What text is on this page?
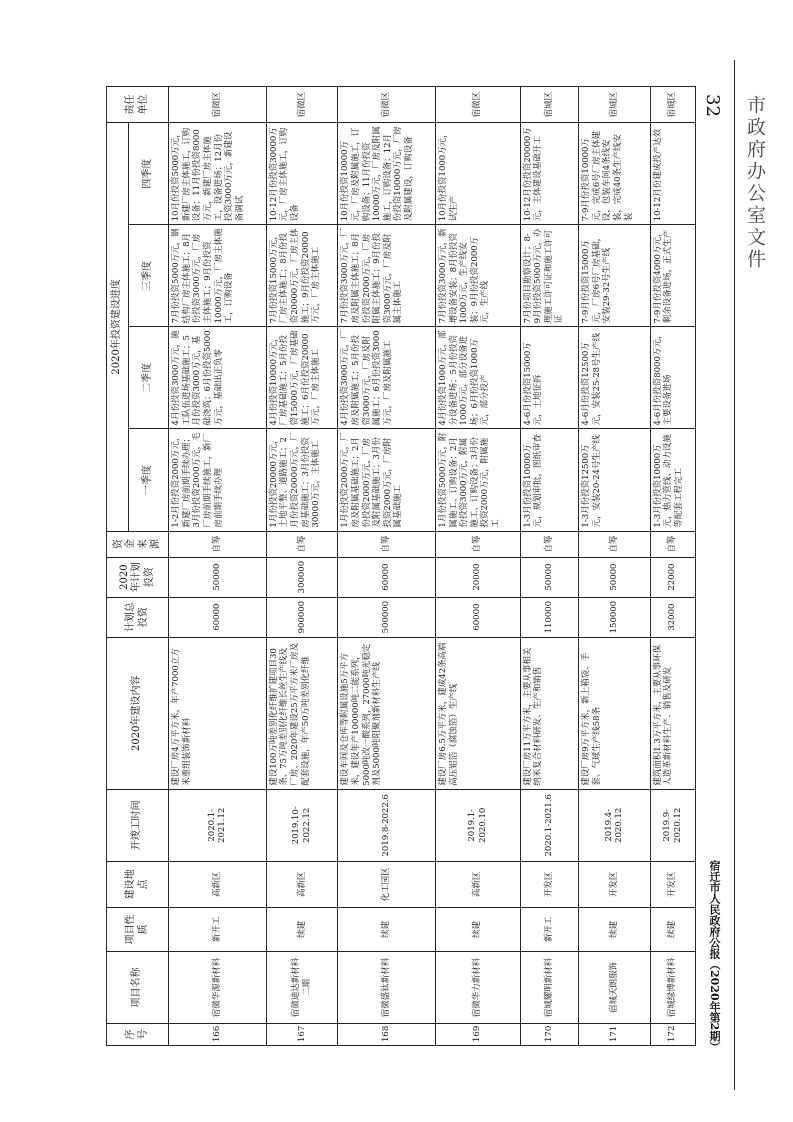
市政府办公室文件
32
宿迁市人民政府公报（2020年第2期）
序号	项目名称	项目性质	建设地点	开竣工时间	2020年建设内容	计划总投资	2020年计划投资	资金来源	2020年投资建设进度				责任单位
									一季度	二季度	三季度	四季度	
166	宿微华源新材料	新开工	高新区	2020.1-2021.12	建设厂房4万平方米，年产7000立方米重组装饰新材料	60000	50000	自筹	1-2月份投资2000万元，新建厂房前期手续办理；3月份投资2000万元，毛厂房前期手续施工，新厂房前期手续办理	4月份投资3000万元，施工队伍进场基础施工；5月份投资3000万元，基础浇筑；6月份投资5000万元，基础出正负零	7月份投资5000万元，钢结构厂房主体施工；8月份投资3000万元，厂房主体施工；9月份投资10000万元，厂房主体施工，订购设备	10月份投资5000万元，新建厂房主体施工，订购设备；11月份投资8000万元，新建厂房主体施工，设备进场；12月份投资3000万元，新建设备调试	宿微区
167	宿微迪达新材料二期	续建	高新区	2019.10-2022.12	建设100万吨差别化纤维扩建项目30条、75万吨差别化纤维长丝生产线及厂房、2020年建设25万平方米厂房及配套设施，年产50万吨差别化纤维	900000	300000	自筹	1月份投资20000万元，土地平整、道路施工；2月份投资20000万元，厂房基础施工；3月份投资30000万元，主体施工	4月份投资10000万元，厂房基础施工；5月份投资15000万元，厂房基础施工；6月份投资20000万元，厂房主体施工	7月份投资15000万元，厂房主体施工；8月份投资20000万元，厂房主体施工；9月份投资20000万元，厂房主体施工	10-12月份投资30000万元，厂房主体施工，订购设备	宿微区
168	宿微盛钛新材料	续建	化工园区	2019.8-2022.6	建设车间及仓库等附属设施5万平方米，建设年产100000吨二能系列，5000吨改一酸系列，27000吨光稳定剂及5000吨阻聚剂新材料生产线	500000	60000	自筹	1月份投资2000万元，厂房及附属基础施工；2月份投资2000万元，厂房及附属基础施工；3月份投资2000万元，厂房附属基础施工	4月份投资3000万元，厂房及附属施工；5月份投资3000万元，厂房及附属施工；6月份投资3000万元，厂房及附属施工	7月份投资3000万元，厂房及附属主体施工；8月份投资2000万元，厂房附属主体施工；9月份投资3000万元，厂房及附属主体施工	10月份投资10000万元，厂房及附属施工，订购设备；11月份投资10000万元，厂房及附属施工，订购设备；12月份投资10000万元，厂房及附属建设，订购设备	宿微区
169	宿微华力新材料	续建	高新区	2019.1-2020.10	建设厂房6.5万平方米，建成42条高端高压铝箔（腐蚀箔）生产线	60000	20000	自筹	1月份投资5000万元，附属施工、订购设备；2月份投资3000万元，附属施工、订购设备；3月份投资2000万元，附属施工	4月份投资1000万元，部分设备进场；5月份投资1000万元，部分设备进场；6月份投资1000万元，部分投产	7月份投资3000万元，新增设备安装；8月份投资1000万元，生产线安装；9月份投资2000万元，生产线	10月份投资1000万元，试生产	宿微区
170	宿城耀明新材料	新开工	开发区	2020.1-2021.6	建设厂房11万平方米，主要从事相关纳米复合材料研发、生产和销售	110000	50000	自筹	1-3月份投资10000万元，规划审批，图纸审查	4-6月份投资15000万元，土地征拆	7月份项目勘察设计；8-9月份投资5000万元，办理施工许可证和施工许可证	10-12月份投资20000万元，主体建设基础开工	宿城区
171	宿城天朗服饰	续建	开发区	2019.4-2020.12	建设厂房9万平方米，新上箱袋、手套、气球生产线58条	150000	50000	自筹	1-3月份投资12500万元，安装20-24号生产线	4-6月份投资12500万元，安装25-28号生产线	7-9月份投资15000万元，厂房6号厂房基础，安装29-32号生产线	7-9月份投资10000万元，完成6号厂房主体建设，包装车间4条线安装，完成40条生产线安装	宿城区
172	宿城绿博新材料	续建	开发区	2019.9-2020.12	建筑面积1.3万平方米，主要从事环保人造革新材料生产、销售及研发	32000	22000	自筹	1-3月份投资10000万元，热力管线、动力设施等配套工程完工	4-6月份投资8000万元，主要设备进场	7-9月份投资4000万元，剩余设备进场，正式生产	10-12月份建成投产达效	宿城区
